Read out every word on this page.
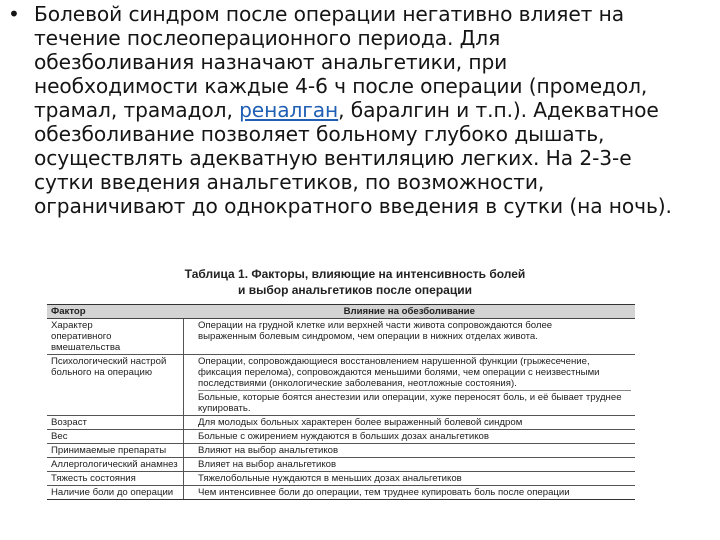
• Болевой синдром после операции негативно влияет на
течение послеоперационного периода. Для
обезболивания назначают анальгетики, при
необходимости каждые 4-6 ч после операции (промедол,
трамал, трамадол, реналган, баралгин и т.п.). Адекватное
обезболивание позволяет больному глубоко дышать,
осуществлять адекватную вентиляцию легких. На 2-3-е
сутки введения анальгетиков, по возможности,
ограничивают до однократного введения в сутки (на ночь).
Таблица 1. Факторы, влияющие на интенсивность болей
и выбор анальгетиков после операции
Фактор	Влияние на обезболивание
Характер
оперативного вмешательства	Операции на грудной клетке или верхней части живота сопровождаются более
выраженным болевым синдромом, чем операции в нижних отделах живота.

Психологический настрой
больного на операцию	Операции, сопровождающиеся восстановлением нарушенной функции (грыжесечение,
фиксация перелома), сопровождаются меньшими болями, чем операции с неизвестными
последствиями (онкологические заболевания, неотложные состояния).
Больные, которые боятся анестезии или операции, хуже переносят боль, и её бывает труднее купировать.

Возраст	Для молодых больных характерен более выраженный болевой синдром

Вес	Больные с ожирением нуждаются в больших дозах анальгетиков

Принимаемые препараты	Влияют на выбор анальгетиков

Аллергологический анамнез	Влияет на выбор анальгетиков

Тяжесть состояния	Тяжелобольные нуждаются в меньших дозах анальгетиков

Наличие боли до операции	Чем интенсивнее боли до операции, тем труднее купировать боль после операции
